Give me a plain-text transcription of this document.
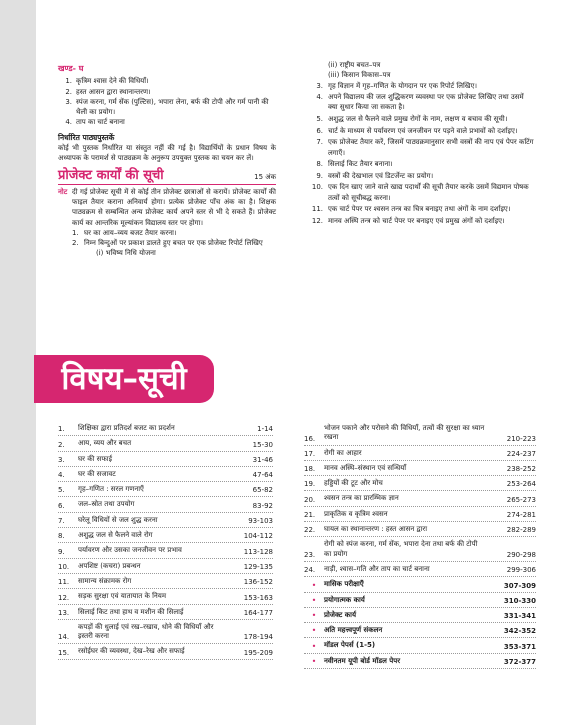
खण्ड- घ
1. कृत्रिम श्वास देने की विधियाँ।
2. हस्त आसन द्वारा स्थानान्तरण।
3. स्पंज करना, गर्म सेंक (पुल्टिस), भपारा लेना, बर्फ की टोपी और गर्म पानी की थैली का प्रयोग।
4. ताप का चार्ट बनाना
निर्धारित पाठ्यपुस्तकें
कोई भी पुस्तक निर्धारित या संस्तुत नहीं की गई है। विद्यार्थियों के प्रधान विषय के अध्यापक के परामर्श से पाठ्यक्रम के अनुरूप उपयुक्त पुस्तक का चयन कर लें।
प्रोजेक्ट कार्यों की सूची	15 अंक
नोट दी गई प्रोजेक्ट सूची में से कोई तीन प्रोजेक्ट छात्राओं से करायें। प्रोजेक्ट कार्यों की फाइल तैयार कराना अनिवार्य होगा। प्रत्येक प्रोजेक्ट पाँच अंक का है। शिक्षक पाठ्यक्रम से सम्बन्धित अन्य प्रोजेक्ट कार्य अपने स्तर से भी दे सकते हैं। प्रोजेक्ट कार्य का आन्तरिक मूल्यांकन विद्यालय स्तर पर होगा।
1. घर का आय–व्यय बजट तैयार करना।
2. निम्न बिन्दुओं पर प्रकाश डालते हुए बचत पर एक प्रोजेक्ट रिपोर्ट लिखिए
(i) भविष्य निधि योजना
(ii) राष्ट्रीय बचत–पत्र
(iii) किसान विकास–पत्र
3. गृह विज्ञान में गृह–गणित के योगदान पर एक रिपोर्ट लिखिए।
4. अपने विद्यालय की जल शुद्धिकरण व्यवस्था पर एक प्रोजेक्ट लिखिए तथा उसमें क्या सुधार किया जा सकता है।
5. अशुद्ध जल से फैलने वाले प्रमुख रोगों के नाम, लक्षण व बचाव की सूची।
6. चार्ट के माध्यम से पर्यावरण एवं जनजीवन पर पड़ने वाले प्रभावों को दर्शाइए।
7. एक प्रोजेक्ट तैयार करें, जिसमें पाठ्यक्रमानुसार सभी वस्त्रों की नाप एवं पेपर कटिंग लगाएँ।
8. सिलाई किट तैयार बनाना।
9. वस्त्रों की देखभाल एवं डिटर्जेन्ट का प्रयोग।
10. एक दिन खाए जाने वाले खाद्य पदार्थों की सूची तैयार करके उसमें विद्यमान पोषक तत्वों को सूचीबद्ध करना।
11. एक चार्ट पेपर पर श्वसन तन्त्र का चित्र बनाइए तथा अंगों के नाम दर्शाइए।
12. मानव अस्थि तन्त्र को चार्ट पेपर पर बनाइए एवं प्रमुख अंगों को दर्शाइए।
विषय–सूची
1.	शिक्षिका द्वारा प्रतिदर्श बजट का प्रदर्शन	1-14
2.	आय, व्यय और बचत	15-30
3.	घर की सफाई	31-46
4.	घर की सजावट	47-64
5.	गृह–गणित : सरल गणनाएँ	65-82
6.	जल–स्रोत तथा उपयोग	83-92
7.	घरेलू विधियों से जल शुद्ध करना	93-103
8.	अशुद्ध जल से फैलने वाले रोग	104-112
9.	पर्यावरण और उसका जनजीवन पर प्रभाव	113-128
10.	अपशिष्ट (कचरा) प्रबन्धन	129-135
11.	सामान्य संक्रामक रोग	136-152
12.	सड़क सुरक्षा एवं यातायात के नियम	153-163
13.	सिलाई किट तथा हाथ व मशीन की सिलाई	164-177
14.
कपड़ों की धुलाई एवं रख–रखाव, धोने की विधियाँ और इस्तरी करना	178-194
15.	रसोईघर की व्यवस्था, देख–रेख और सफाई	195-209
16.
भोजन पकाने और परोसने की विधियाँ, तत्वों की सुरक्षा का ध्यान रखना	210-223
17.	रोगी का आहार	224-237
18.	मानव अस्थि–संस्थान एवं सन्धियाँ	238-252
19.	हड्डियों की टूट और मोच	253-264
20.	श्वसन तन्त्र का प्रारम्भिक ज्ञान	265-273
21.	प्राकृतिक व कृत्रिम श्वसन	274-281
22.	घायल का स्थानान्तरण : हस्त आसन द्वारा	282-289
23.
रोगी को स्पंज करना, गर्म सेंक, भपारा देना तथा बर्फ की टोपी का प्रयोग	290-298
24.	नाड़ी, श्वास–गति और ताप का चार्ट बनाना	299-306
•	मासिक परीक्षाएँ	307-309
•	प्रयोगात्मक कार्य	310-330
•	प्रोजेक्ट कार्य	331-341
•	अति महत्त्वपूर्ण संकलन	342-352
•	मॉडल पेपर्स (1-5)	353-371
•	नवीनतम यूपी बोर्ड मॉडल पेपर	372-377
